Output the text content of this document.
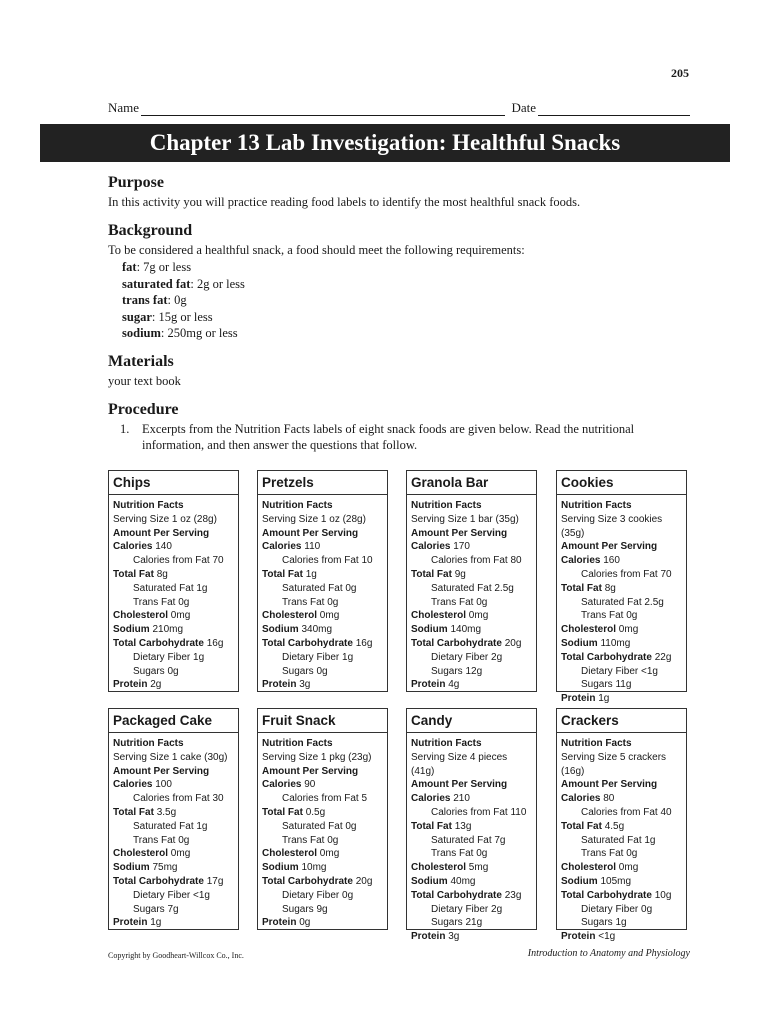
205
Name	Date
Chapter 13 Lab Investigation: Healthful Snacks
Purpose

In this activity you will practice reading food labels to identify the most healthful snack foods.

Background

To be considered a healthful snack, a food should meet the following requirements:

fat: 7g or less
saturated fat: 2g or less
trans fat: 0g
sugar: 15g or less
sodium: 250mg or less
Materials

your text book

Procedure
1.	Excerpts from the Nutrition Facts labels of eight snack foods are given below. Read the nutritional
information, and then answer the questions that follow.
Chips
Nutrition Facts
Serving Size 1 oz (28g)
Amount Per Serving
Calories 140
Calories from Fat 70
Total Fat 8g
Saturated Fat 1g
Trans Fat 0g
Cholesterol 0mg
Sodium 210mg
Total Carbohydrate 16g
Dietary Fiber 1g
Sugars 0g
Protein 2g
Pretzels
Nutrition Facts
Serving Size 1 oz (28g)
Amount Per Serving
Calories 110
Calories from Fat 10
Total Fat 1g
Saturated Fat 0g
Trans Fat 0g
Cholesterol 0mg
Sodium 340mg
Total Carbohydrate 16g
Dietary Fiber 1g
Sugars 0g
Protein 3g
Granola Bar
Nutrition Facts
Serving Size 1 bar (35g)
Amount Per Serving
Calories 170
Calories from Fat 80
Total Fat 9g
Saturated Fat 2.5g
Trans Fat 0g
Cholesterol 0mg
Sodium 140mg
Total Carbohydrate 20g
Dietary Fiber 2g
Sugars 12g
Protein 4g
Cookies
Nutrition Facts
Serving Size 3 cookies (35g)
Amount Per Serving
Calories 160
Calories from Fat 70
Total Fat 8g
Saturated Fat 2.5g
Trans Fat 0g
Cholesterol 0mg
Sodium 110mg
Total Carbohydrate 22g
Dietary Fiber <1g
Sugars 11g
Protein 1g
Packaged Cake
Nutrition Facts
Serving Size 1 cake (30g)
Amount Per Serving
Calories 100
Calories from Fat 30
Total Fat 3.5g
Saturated Fat 1g
Trans Fat 0g
Cholesterol 0mg
Sodium 75mg
Total Carbohydrate 17g
Dietary Fiber <1g
Sugars 7g
Protein 1g
Fruit Snack
Nutrition Facts
Serving Size 1 pkg (23g)
Amount Per Serving
Calories 90
Calories from Fat 5
Total Fat 0.5g
Saturated Fat 0g
Trans Fat 0g
Cholesterol 0mg
Sodium 10mg
Total Carbohydrate 20g
Dietary Fiber 0g
Sugars 9g
Protein 0g
Candy
Nutrition Facts
Serving Size 4 pieces (41g)
Amount Per Serving
Calories 210
Calories from Fat 110
Total Fat 13g
Saturated Fat 7g
Trans Fat 0g
Cholesterol 5mg
Sodium 40mg
Total Carbohydrate 23g
Dietary Fiber 2g
Sugars 21g
Protein 3g
Crackers
Nutrition Facts
Serving Size 5 crackers (16g)
Amount Per Serving
Calories 80
Calories from Fat 40
Total Fat 4.5g
Saturated Fat 1g
Trans Fat 0g
Cholesterol 0mg
Sodium 105mg
Total Carbohydrate 10g
Dietary Fiber 0g
Sugars 1g
Protein <1g
Copyright by Goodheart-Willcox Co., Inc.	Introduction to Anatomy and Physiology
